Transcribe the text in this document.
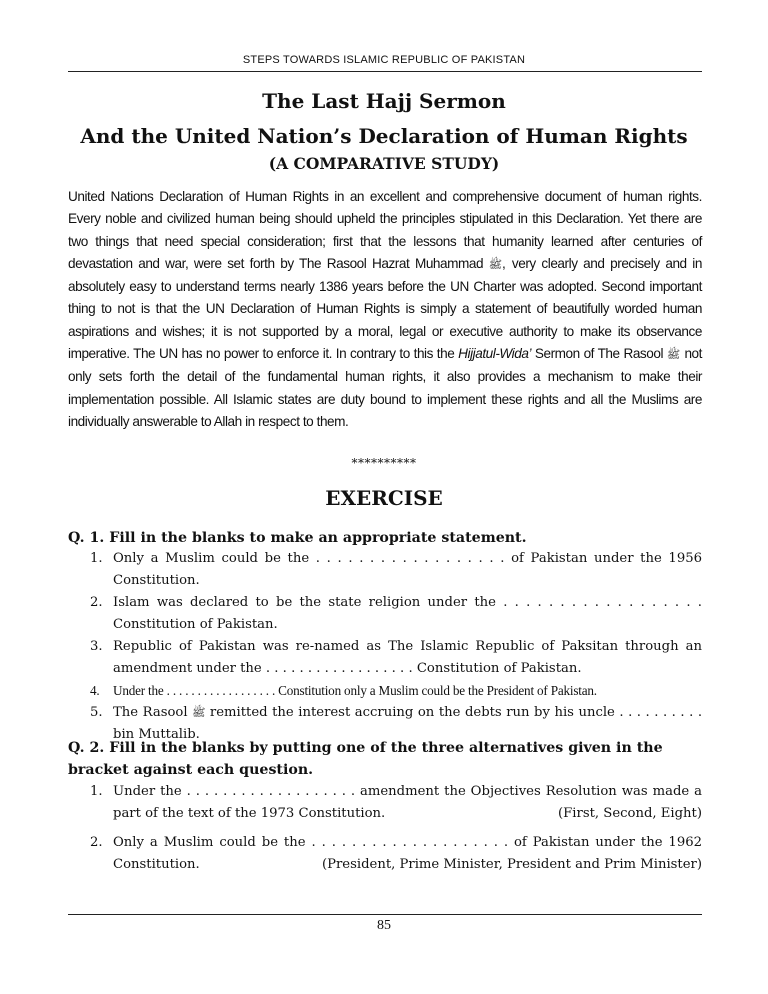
STEPS TOWARDS ISLAMIC REPUBLIC OF PAKISTAN
The Last Hajj Sermon
And the United Nation’s Declaration of Human Rights
(A COMPARATIVE STUDY)
United Nations Declaration of Human Rights in an excellent and comprehensive document of human rights. Every noble and civilized human being should upheld the principles stipulated in this Declaration. Yet there are two things that need special consideration; first that the lessons that humanity learned after centuries of devastation and war, were set forth by The Rasool Hazrat Muhammad ﷺ, very clearly and precisely and in absolutely easy to understand terms nearly 1386 years before the UN Charter was adopted. Second important thing to not is that the UN Declaration of Human Rights is simply a statement of beautifully worded human aspirations and wishes; it is not supported by a moral, legal or executive authority to make its observance imperative. The UN has no power to enforce it. In contrary to this the Hijjatul-Wida’ Sermon of The Rasool ﷺ not only sets forth the detail of the fundamental human rights, it also provides a mechanism to make their implementation possible. All Islamic states are duty bound to implement these rights and all the Muslims are individually answerable to Allah in respect to them.
**********
EXERCISE
Q. 1. Fill in the blanks to make an appropriate statement.
1. Only a Muslim could be the . . . . . . . . . . . . . . . . . . of Pakistan under the 1956 Constitution.
2. Islam was declared to be the state religion under the . . . . . . . . . . . . . . . . . . Constitution of Pakistan.
3. Republic of Pakistan was re-named as The Islamic Republic of Paksitan through an amendment under the . . . . . . . . . . . . . . . . . . Constitution of Pakistan.
4. Under the . . . . . . . . . . . . . . . . . . Constitution only a Muslim could be the President of Pakistan.
5. The Rasool ﷺ remitted the interest accruing on the debts run by his uncle . . . . . . . . . . bin Muttalib.
Q. 2. Fill in the blanks by putting one of the three alternatives given in the bracket against each question.
1. Under the . . . . . . . . . . . . . . . . . . . amendment the Objectives Resolution was made a part of the text of the 1973 Constitution.	(First, Second, Eight)
2. Only a Muslim could be the . . . . . . . . . . . . . . . . . . . . of Pakistan under the 1962 Constitution.	(President, Prime Minister, President and Prim Minister)
85
